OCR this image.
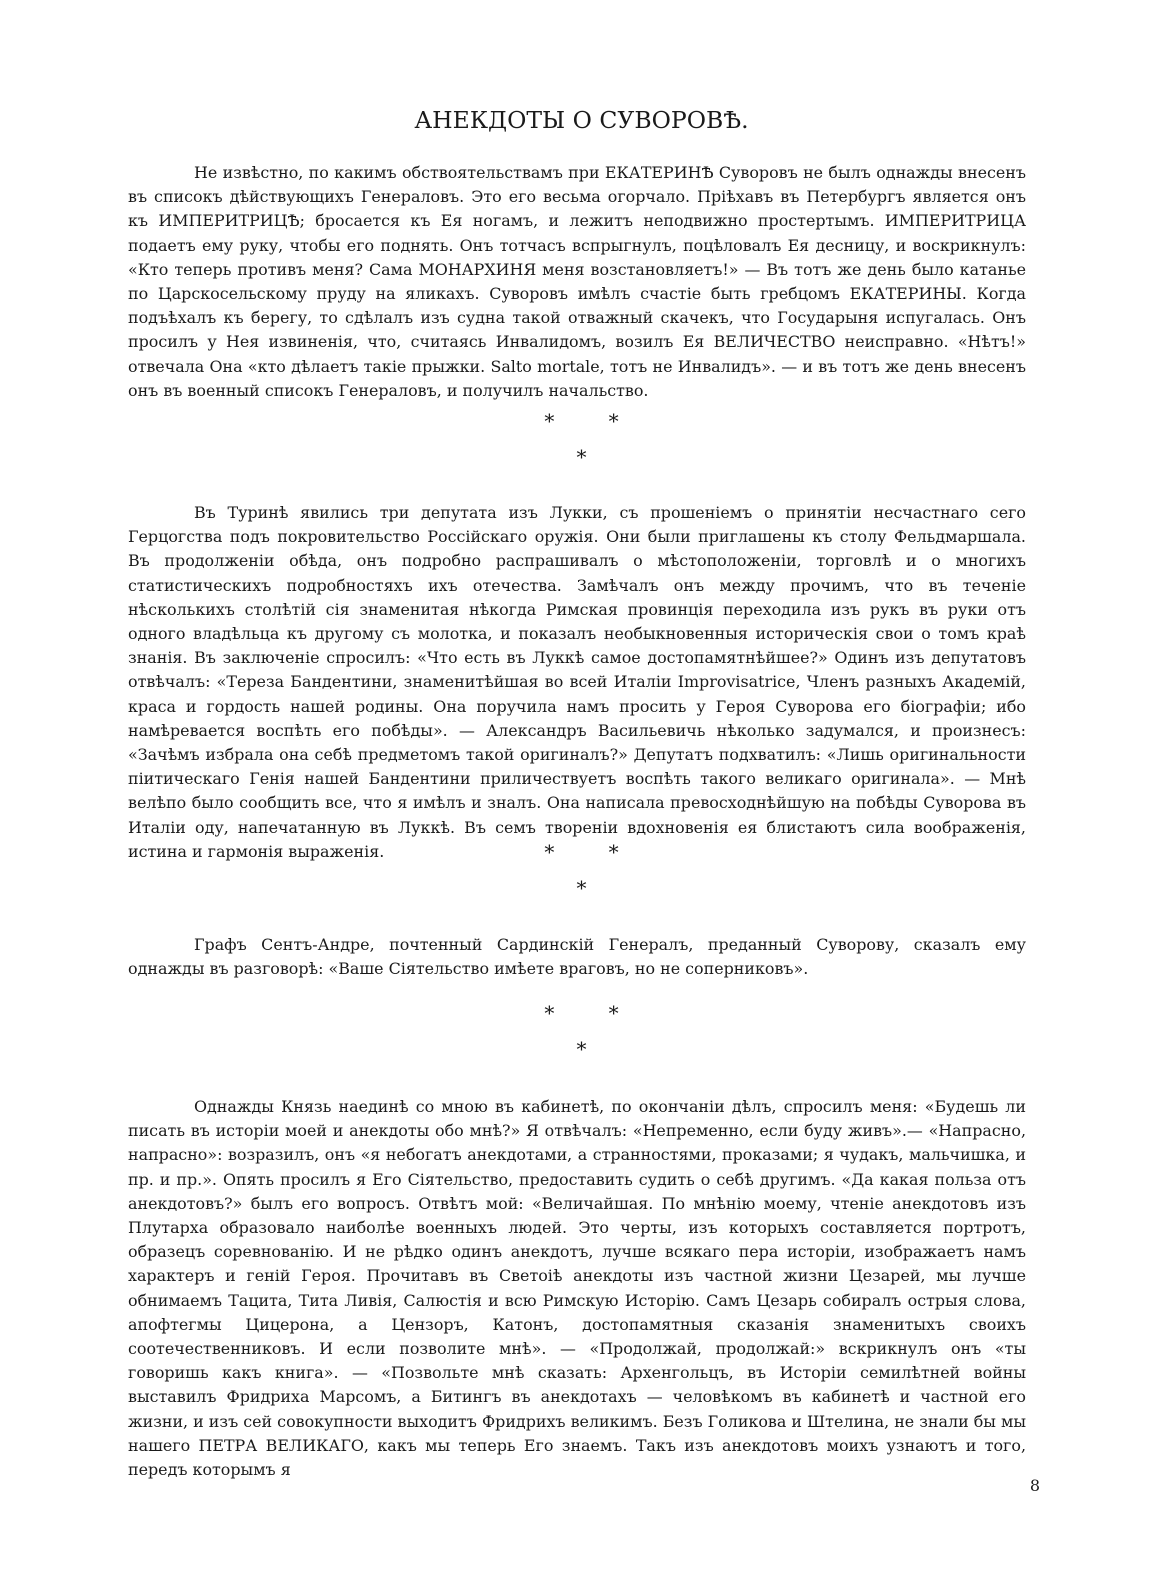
АНЕКДОТЫ О СУВОРОВѢ.

Не извѣстно, по какимъ обствоятельствамъ при ЕКАТЕРИНѢ Суворовъ не былъ однажды внесенъ въ списокъ дѣйствующихъ Генераловъ. Это его весьма огорчало. Пріѣхавъ въ Петербургъ является онъ къ ИМПЕРИТРИЦѢ; бросается къ Ея ногамъ, и лежитъ неподвижно простертымъ. ИМПЕРИТРИЦА подаетъ ему руку, чтобы его поднять. Онъ тотчасъ вспрыгнулъ, поцѣловалъ Ея десницу, и воскрикнулъ: «Кто теперь противъ меня? Сама МОНАРХИНЯ меня возстановляетъ!» — Въ тотъ же день было катанье по Царскосельскому пруду на яликахъ. Суворовъ имѣлъ счастіе быть гребцомъ ЕКАТЕРИНЫ. Когда подъѣхалъ къ берегу, то сдѣлалъ изъ судна такой отважный скачекъ, что Государыня испугалась. Онъ просилъ у Нея извиненія, что, считаясь Инвалидомъ, возилъ Ея ВЕЛИЧЕСТВО неисправно. «Нѣтъ!» отвечала Она «кто дѣлаетъ такіе прыжки. Salto mortale, тотъ не Инвалидъ». — и въ тотъ же день внесенъ онъ въ военный списокъ Генераловъ, и получилъ начальство.

* *
*

Въ Туринѣ явились три депутата изъ Лукки, съ прошеніемъ о принятіи несчастнаго сего Герцогства подъ покровительство Россійскаго оружія. Они были приглашены къ столу Фельдмаршала. Въ продолженіи обѣда, онъ подробно распрашивалъ о мѣстоположеніи, торговлѣ и о многихъ статистическихъ подробностяхъ ихъ отечества. Замѣчалъ онъ между прочимъ, что въ теченіе нѣсколькихъ столѣтій сія знаменитая нѣкогда Римская провинція переходила изъ рукъ въ руки отъ одного владѣльца къ другому съ молотка, и показалъ необыкновенныя историческія свои о томъ краѣ знанія. Въ заключеніе спросилъ: «Что есть въ Луккѣ самое достопамятнѣйшее?» Одинъ изъ депутатовъ отвѣчалъ: «Тереза Бандентини, знаменитѣйшая во всей Италіи Improvisatrice, Членъ разныхъ Академій, краса и гордость нашей родины. Она поручила намъ просить у Героя Суворова его біографіи; ибо намѣревается воспѣть его побѣды». — Александръ Васильевичь нѣколько задумался, и произнесъ: «Зачѣмъ избрала она себѣ предметомъ такой оригиналъ?» Депутатъ подхватилъ: «Лишь оригинальности піитическаго Генія нашей Бандентини приличествуетъ воспѣть такого великаго оригинала». — Мнѣ велѣпо было сообщить все, что я имѣлъ и зналъ. Она написала превосходнѣйшую на побѣды Суворова въ Италіи оду, напечатанную въ Луккѣ. Въ семъ твореніи вдохновенія ея блистаютъ сила воображенія, истина и гармонія выраженія.	* *
*

Графъ Сентъ-Андре, почтенный Сардинскій Генералъ, преданный Суворову, сказалъ ему однажды въ разговорѣ: «Ваше Сіятельство имѣете враговъ, но не соперниковъ».

* *
*

Однажды Князь наединѣ со мною въ кабинетѣ, по окончаніи дѣлъ, спросилъ меня: «Будешь ли писать въ исторіи моей и анекдоты обо мнѣ?» Я отвѣчалъ: «Непременно, если буду живъ».— «Напрасно, напрасно»: возразилъ, онъ «я небогатъ анекдотами, а странностями, проказами; я чудакъ, мальчишка, и пр. и пр.». Опять просилъ я Его Сіятельство, предоставить судить о себѣ другимъ. «Да какая польза отъ анекдотовъ?» былъ его вопросъ. Отвѣтъ мой: «Величайшая. По мнѣнію моему, чтеніе анекдотовъ изъ Плутарха образовало наиболѣе военныхъ людей. Это черты, изъ которыхъ составляется портротъ, образецъ соревнованію. И не рѣдко одинъ анекдотъ, лучше всякаго пера исторіи, изображаетъ намъ характеръ и геній Героя. Прочитавъ въ Светоіѣ анекдоты изъ частной жизни Цезарей, мы лучше обнимаемъ Тацита, Тита Ливія, Салюстія и всю Римскую Исторію. Самъ Цезарь собиралъ острыя слова, апофтегмы Цицерона, а Цензоръ, Катонъ, достопамятныя сказанія знаменитыхъ своихъ соотечественниковъ. И если позволите мнѣ». — «Продолжай, продолжай:» вскрикнулъ онъ «ты говоришь какъ книга». — «Позвольте мнѣ сказать: Архенгольцъ, въ Исторіи семилѣтней войны выставилъ Фридриха Марсомъ, а Битингъ въ анекдотахъ — человѣкомъ въ кабинетѣ и частной его жизни, и изъ сей совокупности выходитъ Фридрихъ великимъ. Безъ Голикова и Штелина, не знали бы мы нашего ПЕТРА ВЕЛИКАГО, какъ мы теперь Его знаемъ. Такъ изъ анекдотовъ моихъ узнаютъ и того, передъ которымъ я

8
